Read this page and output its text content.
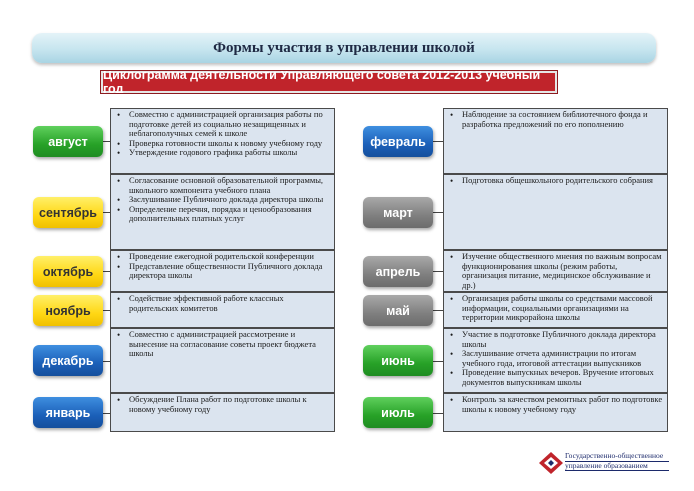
Формы участия в управлении школой
Циклограмма деятельности Управляющего совета 2012-2013 учебный год
• Совместно с администрацией организация работы по подготовке детей из социально незащищенных и неблагополучных семей к школе
• Проверка готовности школы к новому учебному году
• Утверждение годового графика работы школы
август
• Согласование основной образовательной программы, школьного компонента учебного плана
• Заслушивание Публичного доклада директора школы
• Определение перечня, порядка и ценообразования дополнительных платных услуг
сентябрь
• Проведение ежегодной родительской конференции
• Представление общественности Публичного доклада директора школы
октябрь
• Содействие эффективной работе классных родительских комитетов
ноябрь
• Совместно с администрацией рассмотрение и вынесение на согласование советы проект бюджета школы
декабрь
• Обсуждение Плана работ по подготовке школы к новому учебному году
январь
• Наблюдение за состоянием библиотечного фонда и разработка предложений по его пополнению
февраль
• Подготовка общешкольного родительского собрания
март
• Изучение общественного мнения по важным вопросам функционирования школы (режим работы, организация питание, медицинское обслуживание и др.)
апрель
• Организация работы школы со средствами массовой информации, социальными организациями на территории микрорайона школы
май
• Участие в подготовке Публичного доклада директора школы
• Заслушивание отчета администрации по итогам учебного года, итоговой аттестации выпускников
• Проведение выпускных вечеров. Вручение итоговых документов выпускникам школы
июнь
• Контроль за качеством ремонтных работ по подготовке школы к новому учебному году
июль
Государственно-общественное
управление образованием
